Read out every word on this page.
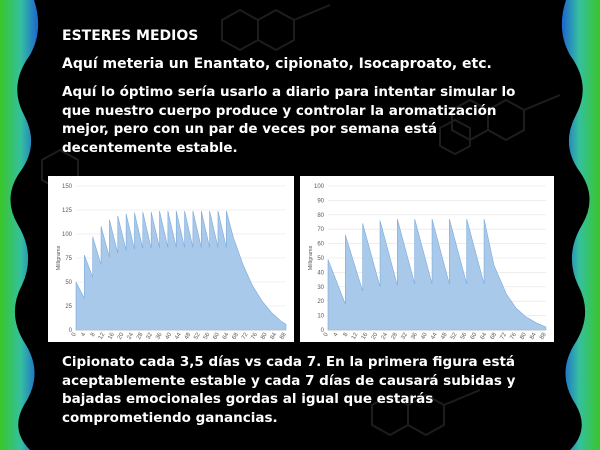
ESTERES MEDIOS
Aquí meteria un Enantato, cipionato, Isocaproato, etc.
Aquí lo óptimo sería usarlo a diario para intentar simular lo que nuestro cuerpo produce y controlar la aromatización mejor, pero con un par de veces por semana está decentemente estable.
0
25
50
75
100
125
150
0 4 8 12 16 20 24 28 32 36 40 44 48 52 56 60 64 68 72 76 80 84 88
Milligrams
0
10
20
30
40
50
60
70
80
90
100
0 4 8 12 16 20 24 28 32 36 40 44 48 52 56 60 64 68 72 76 80 84 88
Milligrams
Cipionato cada 3,5 días vs cada 7. En la primera figura está aceptablemente estable y cada 7 días de causará subidas y bajadas emocionales gordas al igual que estarás comprometiendo ganancias.
